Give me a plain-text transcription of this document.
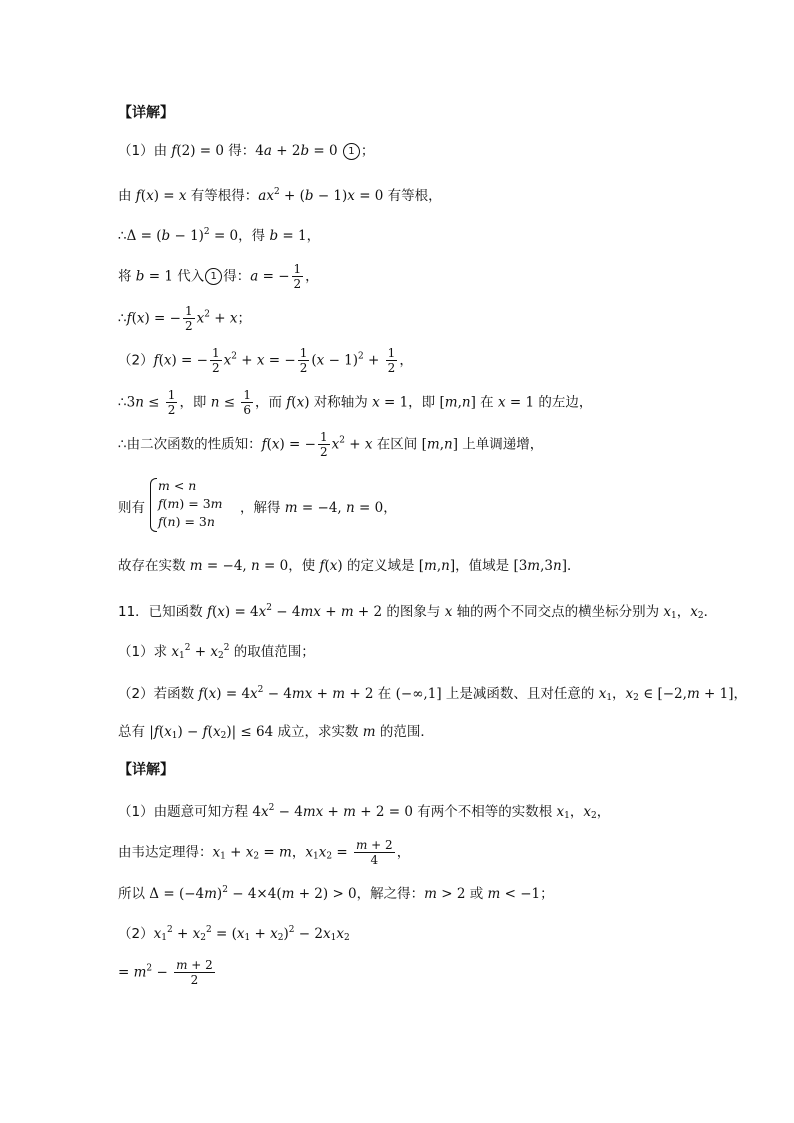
【详解】
（1）由 f(2) = 0 得：4a + 2b = 0 1 ；
由 f(x) = x 有等根得：$ax^2 + (b - 1)x = 0$ 有等根，
∴Δ = $(b - 1)^2 = 0$，得 b = 1，
将 b = 1 代入 1 得：a = − $\frac{1}{2}$ ，
∴f(x) = − $\frac{1}{2} x^2 + x$；
（2）f(x) = − $\frac{1}{2} x^2 + x$ = − $\frac{1}{2} (x - 1)^2 + \frac{1}{2}$ ，
∴3n ≤ $\frac{1}{2}$ ，即 $n \le \frac{1}{6}$ ，而 f(x) 对称轴为 x = 1，即 [m,n] 在 x = 1 的左边，
∴由二次函数的性质知：f(x) = − $\frac{1}{2} x^2 + x$ 在区间 [m,n] 上单调递增，
则有
m < n
f(m) = 3m
f(n) = 3n
，解得 m = −4, n = 0，
故存在实数 m = −4, n = 0，使 f(x) 的定义域是 [m,n]，值域是 [3m,3n]．
11．已知函数 $f(x) = 4x^2 - 4mx + m + 2$ 的图象与 x 轴的两个不同交点的横坐标分别为 $x_1$，$x_2$．
（1）求 $x_1^2 + x_2^2$ 的取值范围；
（2）若函数 $f(x) = 4x^2 - 4mx + m + 2$ 在 (−∞,1] 上是减函数、且对任意的 $x_1$，$x_2$ ∈ [−2,m + 1]，
总有 $|f(x_1) - f(x_2)| \le 64$ 成立，求实数 m 的范围．
【详解】
（1）由题意可知方程 $4x^2 - 4mx + m + 2 = 0$ 有两个不相等的实数根 $x_1$，$x_2$，
由韦达定理得：$x_1 + x_2 = m$，$x_1x_2 = \frac{m + 2}{4}$ ，
所以 $\Delta = (-4m)^2 - 4\times 4(m + 2) > 0$，解之得：m > 2 或 m < −1；
$(2)x_1^2 + x_2^2 = (x_1 + x_2)^2 - 2x_1x_2$
= $m^2 - \frac{m + 2}{2}$
